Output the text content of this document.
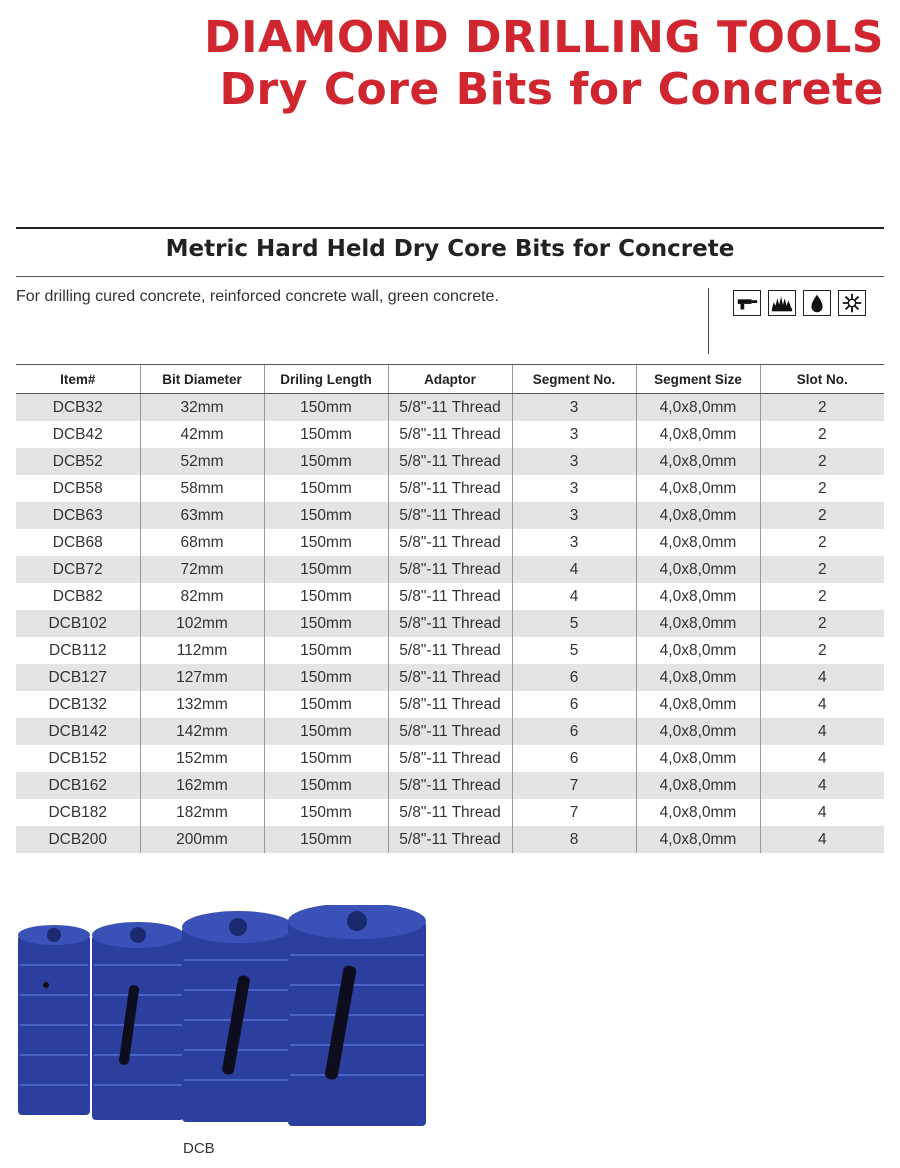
DIAMOND DRILLING TOOLS
Dry Core Bits for Concrete
Metric Hard Held Dry Core Bits for Concrete
For drilling cured concrete, reinforced concrete wall, green concrete.
Item#	Bit Diameter	Driling Length	Adaptor	Segment No.	Segment Size	Slot No.
DCB32	32mm	150mm	5/8"-11 Thread	3	4,0x8,0mm	2
DCB42	42mm	150mm	5/8"-11 Thread	3	4,0x8,0mm	2
DCB52	52mm	150mm	5/8"-11 Thread	3	4,0x8,0mm	2
DCB58	58mm	150mm	5/8"-11 Thread	3	4,0x8,0mm	2
DCB63	63mm	150mm	5/8"-11 Thread	3	4,0x8,0mm	2
DCB68	68mm	150mm	5/8"-11 Thread	3	4,0x8,0mm	2
DCB72	72mm	150mm	5/8"-11 Thread	4	4,0x8,0mm	2
DCB82	82mm	150mm	5/8"-11 Thread	4	4,0x8,0mm	2
DCB102	102mm	150mm	5/8"-11 Thread	5	4,0x8,0mm	2
DCB112	112mm	150mm	5/8"-11 Thread	5	4,0x8,0mm	2
DCB127	127mm	150mm	5/8"-11 Thread	6	4,0x8,0mm	4
DCB132	132mm	150mm	5/8"-11 Thread	6	4,0x8,0mm	4
DCB142	142mm	150mm	5/8"-11 Thread	6	4,0x8,0mm	4
DCB152	152mm	150mm	5/8"-11 Thread	6	4,0x8,0mm	4
DCB162	162mm	150mm	5/8"-11 Thread	7	4,0x8,0mm	4
DCB182	182mm	150mm	5/8"-11 Thread	7	4,0x8,0mm	4
DCB200	200mm	150mm	5/8"-11 Thread	8	4,0x8,0mm	4
DCB
